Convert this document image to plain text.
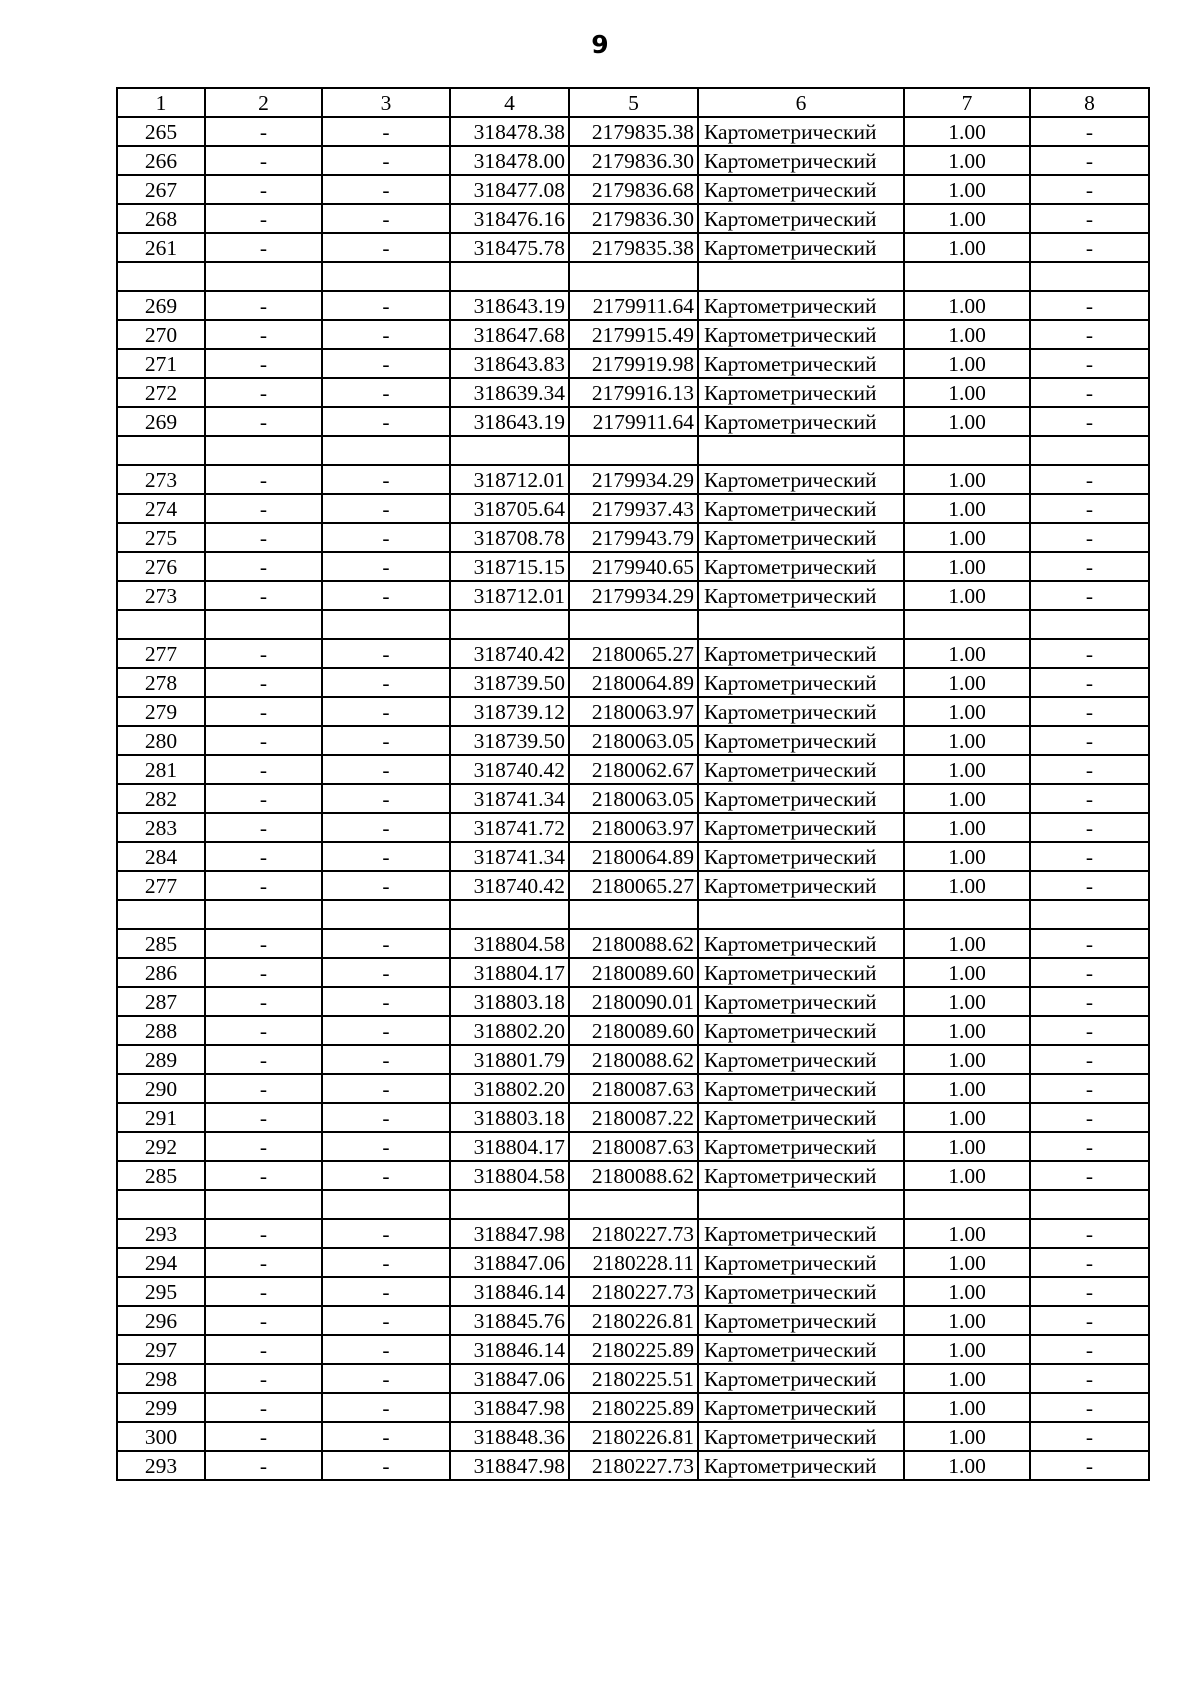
9
1	2	3	4	5	6	7	8
265	-	-	318478.38	2179835.38	Картометрический	1.00	-
266	-	-	318478.00	2179836.30	Картометрический	1.00	-
267	-	-	318477.08	2179836.68	Картометрический	1.00	-
268	-	-	318476.16	2179836.30	Картометрический	1.00	-
261	-	-	318475.78	2179835.38	Картометрический	1.00	-

269	-	-	318643.19	2179911.64	Картометрический	1.00	-
270	-	-	318647.68	2179915.49	Картометрический	1.00	-
271	-	-	318643.83	2179919.98	Картометрический	1.00	-
272	-	-	318639.34	2179916.13	Картометрический	1.00	-
269	-	-	318643.19	2179911.64	Картометрический	1.00	-

273	-	-	318712.01	2179934.29	Картометрический	1.00	-
274	-	-	318705.64	2179937.43	Картометрический	1.00	-
275	-	-	318708.78	2179943.79	Картометрический	1.00	-
276	-	-	318715.15	2179940.65	Картометрический	1.00	-
273	-	-	318712.01	2179934.29	Картометрический	1.00	-

277	-	-	318740.42	2180065.27	Картометрический	1.00	-
278	-	-	318739.50	2180064.89	Картометрический	1.00	-
279	-	-	318739.12	2180063.97	Картометрический	1.00	-
280	-	-	318739.50	2180063.05	Картометрический	1.00	-
281	-	-	318740.42	2180062.67	Картометрический	1.00	-
282	-	-	318741.34	2180063.05	Картометрический	1.00	-
283	-	-	318741.72	2180063.97	Картометрический	1.00	-
284	-	-	318741.34	2180064.89	Картометрический	1.00	-
277	-	-	318740.42	2180065.27	Картометрический	1.00	-

285	-	-	318804.58	2180088.62	Картометрический	1.00	-
286	-	-	318804.17	2180089.60	Картометрический	1.00	-
287	-	-	318803.18	2180090.01	Картометрический	1.00	-
288	-	-	318802.20	2180089.60	Картометрический	1.00	-
289	-	-	318801.79	2180088.62	Картометрический	1.00	-
290	-	-	318802.20	2180087.63	Картометрический	1.00	-
291	-	-	318803.18	2180087.22	Картометрический	1.00	-
292	-	-	318804.17	2180087.63	Картометрический	1.00	-
285	-	-	318804.58	2180088.62	Картометрический	1.00	-

293	-	-	318847.98	2180227.73	Картометрический	1.00	-
294	-	-	318847.06	2180228.11	Картометрический	1.00	-
295	-	-	318846.14	2180227.73	Картометрический	1.00	-
296	-	-	318845.76	2180226.81	Картометрический	1.00	-
297	-	-	318846.14	2180225.89	Картометрический	1.00	-
298	-	-	318847.06	2180225.51	Картометрический	1.00	-
299	-	-	318847.98	2180225.89	Картометрический	1.00	-
300	-	-	318848.36	2180226.81	Картометрический	1.00	-
293	-	-	318847.98	2180227.73	Картометрический	1.00	-
